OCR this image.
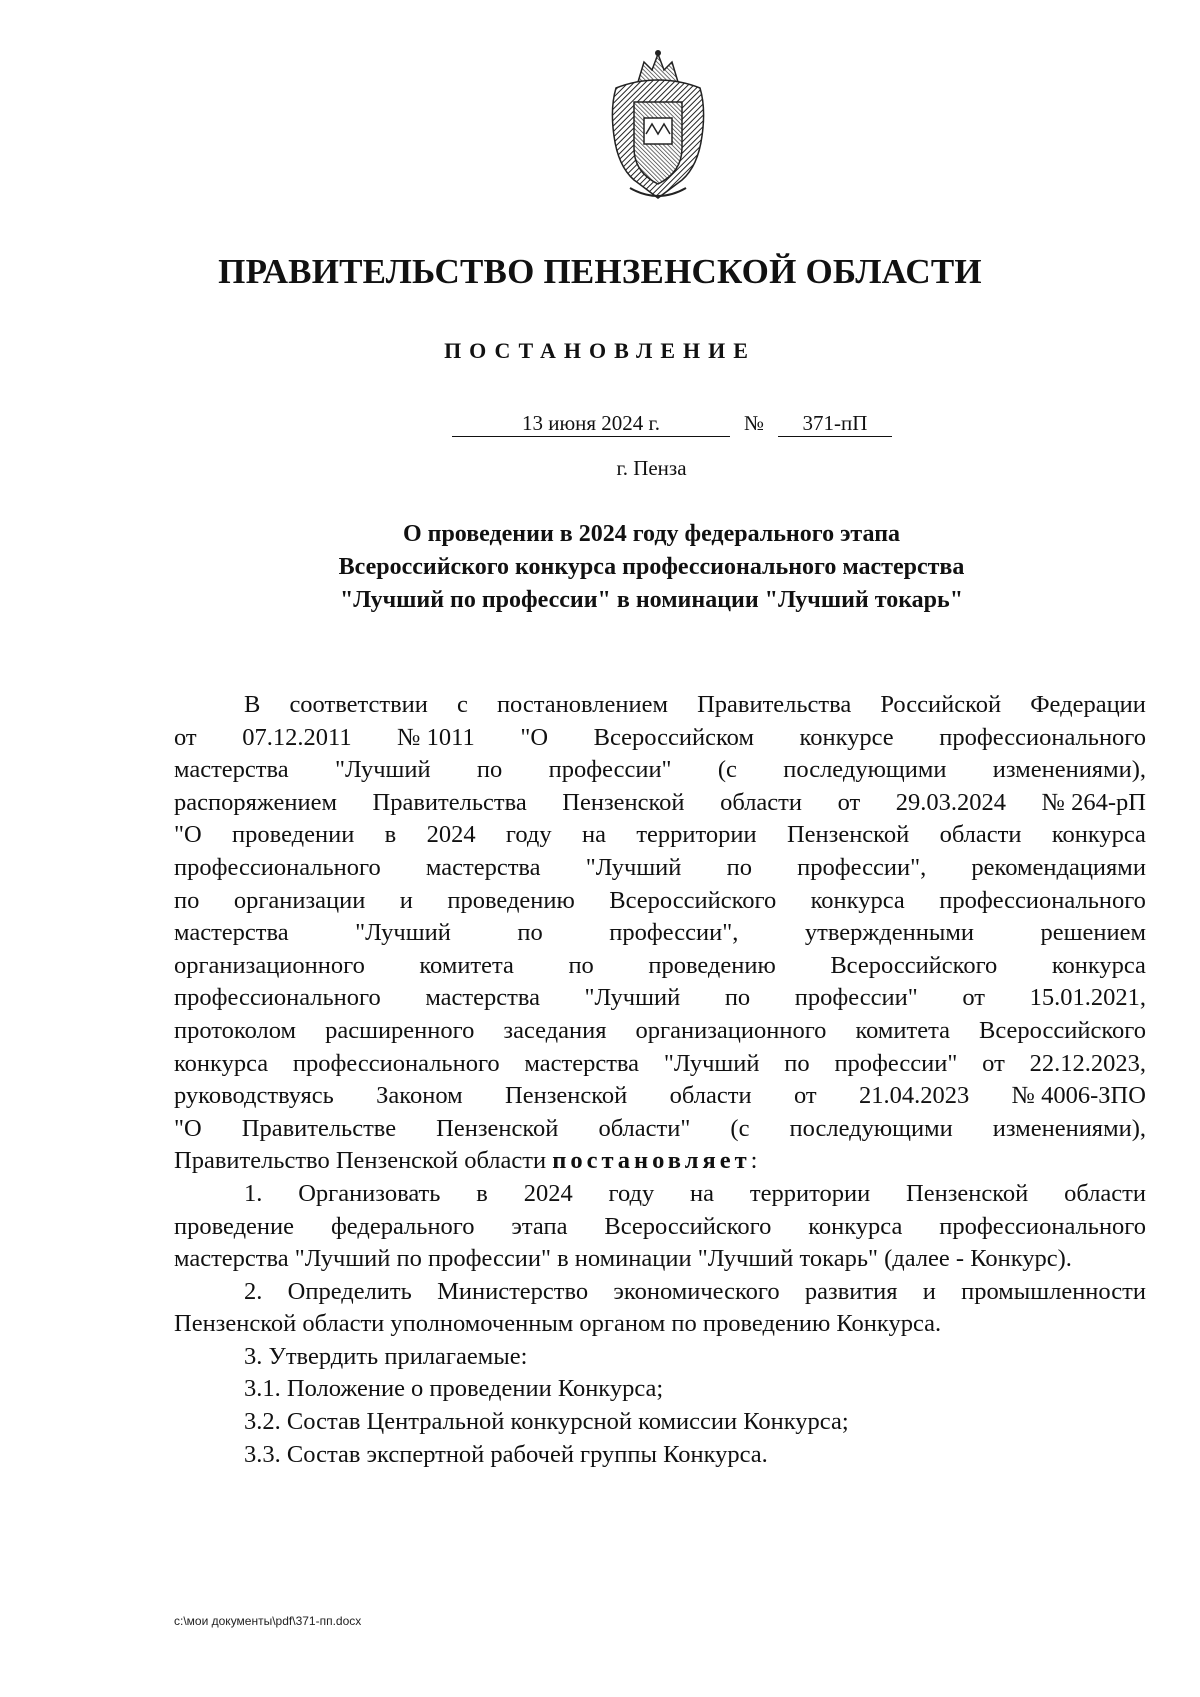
ПРАВИТЕЛЬСТВО ПЕНЗЕНСКОЙ ОБЛАСТИ
ПОСТАНОВЛЕНИЕ
13 июня 2024 г.	№	371-пП
г. Пенза
О проведении в 2024 году федерального этапа
Всероссийского конкурса профессионального мастерства
"Лучший по профессии" в номинации "Лучший токарь"
В соответствии с постановлением Правительства Российской Федерации
от 07.12.2011 № 1011 "О Всероссийском конкурсе профессионального
мастерства "Лучший по профессии" (с последующими изменениями),
распоряжением Правительства Пензенской области от 29.03.2024 № 264-рП
"О проведении в 2024 году на территории Пензенской области конкурса
профессионального мастерства "Лучший по профессии", рекомендациями
по организации и проведению Всероссийского конкурса профессионального
мастерства	"Лучший	по	профессии",	утвержденными	решением
организационного комитета по проведению Всероссийского конкурса
профессионального мастерства "Лучший по профессии" от 15.01.2021,
протоколом расширенного заседания организационного комитета Всероссийского
конкурса профессионального мастерства "Лучший по профессии" от 22.12.2023,
руководствуясь Законом Пензенской области от 21.04.2023 № 4006-ЗПО
"О Правительстве Пензенской области" (с последующими изменениями),
Правительство Пензенской области постановляет:
1. Организовать в 2024 году на территории Пензенской области
проведение федерального этапа Всероссийского конкурса профессионального
мастерства "Лучший по профессии" в номинации "Лучший токарь" (далее - Конкурс).
2. Определить Министерство экономического развития и промышленности
Пензенской области уполномоченным органом по проведению Конкурса.
3. Утвердить прилагаемые:
3.1. Положение о проведении Конкурса;
3.2. Состав Центральной конкурсной комиссии Конкурса;
3.3. Состав экспертной рабочей группы Конкурса.
c:\мои документы\pdf\371-пп.docx
